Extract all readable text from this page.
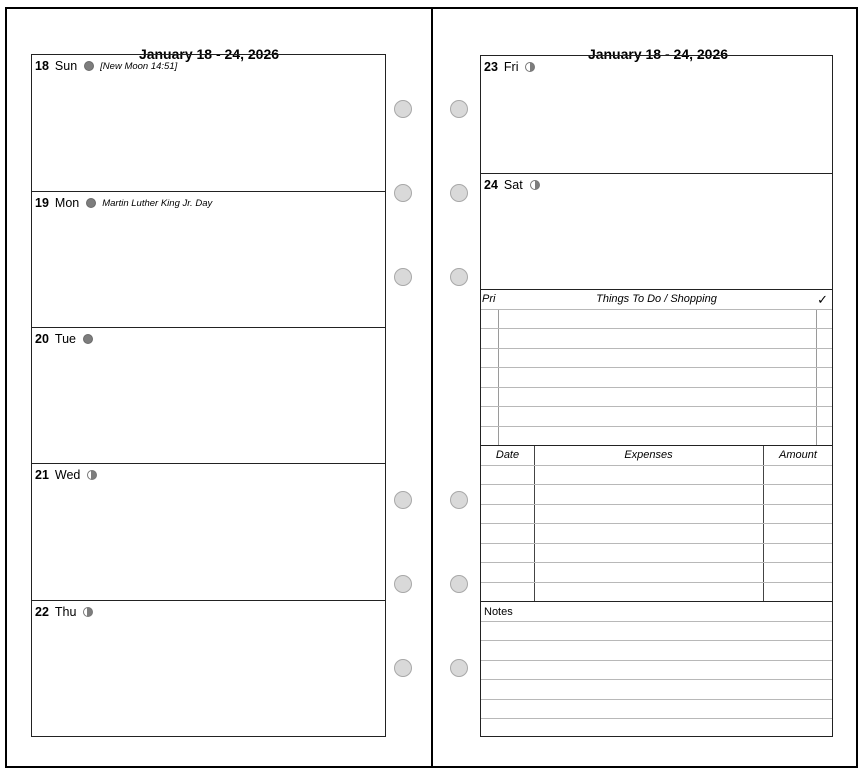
January 18 - 24, 2026
18 Sun [New Moon 14:51]
19 Mon Martin Luther King Jr. Day
20 Tue
21 Wed
22 Thu
January 18 - 24, 2026
23 Fri
24 Sat
Pri	Things To Do / Shopping	✓
Date	Expenses	Amount
Notes
